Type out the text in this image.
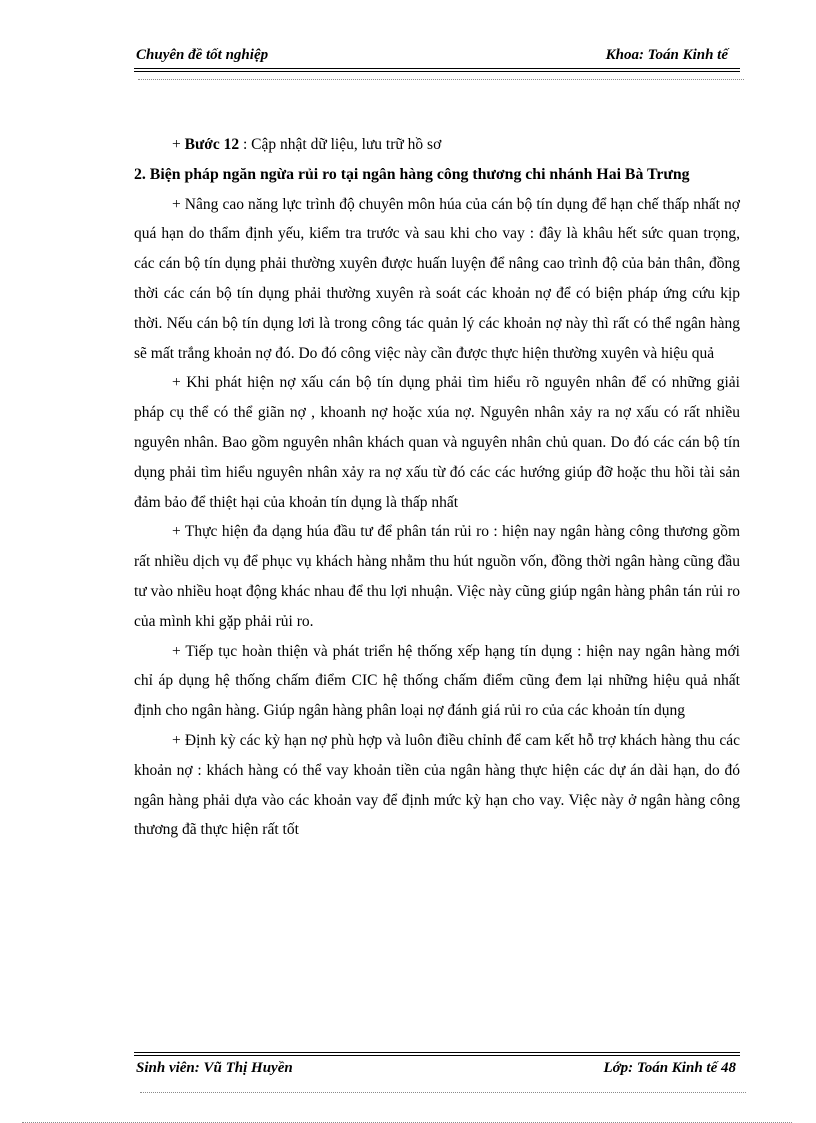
Chuyên đề tốt nghiệp	Khoa: Toán Kinh tế

+ Bước 12 : Cập nhật dữ liệu, lưu trữ hồ sơ

2. Biện pháp ngăn ngừa rủi ro tại ngân hàng công thương chi nhánh Hai Bà Trưng

+ Nâng cao năng lực trình độ chuyên môn húa của cán bộ tín dụng để hạn chế thấp nhất nợ quá hạn do thẩm định yếu, kiểm tra trước và sau khi cho vay : đây là khâu hết sức quan trọng, các cán bộ tín dụng phải thường xuyên được huấn luyện để nâng cao trình độ của bản thân, đồng thời các cán bộ tín dụng phải thường xuyên rà soát các khoản nợ để có biện pháp ứng cứu kịp thời. Nếu cán bộ tín dụng lơi là trong công tác quản lý các khoản nợ này thì rất có thể ngân hàng sẽ mất trắng khoản nợ đó. Do đó công việc này cần được thực hiện thường xuyên và hiệu quả

+ Khi phát hiện nợ xấu cán bộ tín dụng phải tìm hiểu rõ nguyên nhân để có những giải pháp cụ thể có thể giãn nợ , khoanh nợ hoặc xúa nợ. Nguyên nhân xảy ra nợ xấu có rất nhiều nguyên nhân. Bao gồm nguyên nhân khách quan và nguyên nhân chủ quan. Do đó các cán bộ tín dụng phải tìm hiểu nguyên nhân xảy ra nợ xấu từ đó các các hướng giúp đỡ hoặc thu hồi tài sản đảm bảo để thiệt hại của khoản tín dụng là thấp nhất

+ Thực hiện đa dạng húa đầu tư để phân tán rủi ro : hiện nay ngân hàng công thương gồm rất nhiều dịch vụ để phục vụ khách hàng nhằm thu hút nguồn vốn, đồng thời ngân hàng cũng đầu tư vào nhiều hoạt động khác nhau để thu lợi nhuận. Việc này cũng giúp ngân hàng phân tán rủi ro của mình khi gặp phải rủi ro.

+ Tiếp tục hoàn thiện và phát triển hệ thống xếp hạng tín dụng : hiện nay ngân hàng mới chỉ áp dụng hệ thống chấm điểm CIC hệ thống chấm điểm cũng đem lại những hiệu quả nhất định cho ngân hàng. Giúp ngân hàng phân loại nợ đánh giá rủi ro của các khoản tín dụng

+ Định kỳ các kỳ hạn nợ phù hợp và luôn điều chỉnh để cam kết hỗ trợ khách hàng thu các khoản nợ : khách hàng có thể vay khoản tiền của ngân hàng thực hiện các dự án dài hạn, do đó ngân hàng phải dựa vào các khoản vay để định mức kỳ hạn cho vay. Việc này ở ngân hàng công thương đã thực hiện rất tốt

Sinh viên: Vũ Thị Huyền	Lớp: Toán Kinh tế 48
